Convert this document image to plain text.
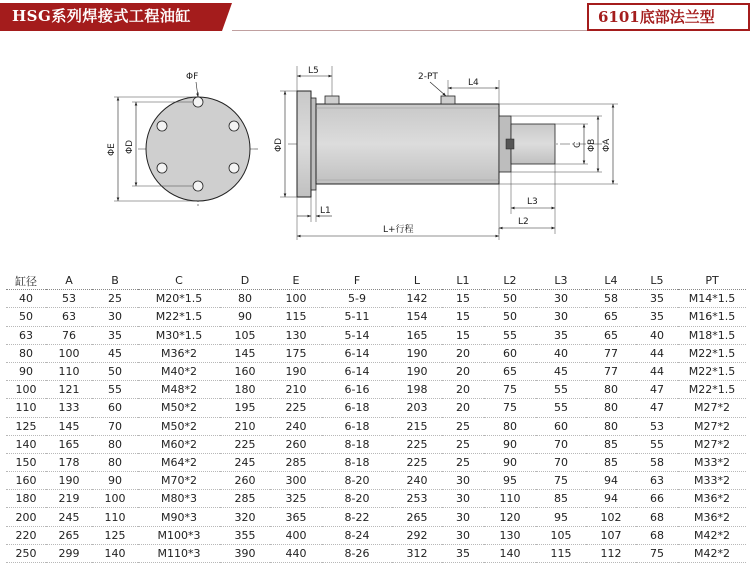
HSG系列焊接式工程油缸	6101底部法兰型
ΦF
ΦE ΦD	ΦD
L5
2-PT
L4
C ΦB ΦA
L3
L1
L2
L+行程
缸径	A	B	C	D	E	F	L	L1	L2	L3	L4	L5	PT
40	53	25	M20*1.5	80	100	5-9	142	15	50	30	58	35	M14*1.5
50	63	30	M22*1.5	90	115	5-11	154	15	50	30	65	35	M16*1.5
63	76	35	M30*1.5	105	130	5-14	165	15	55	35	65	40	M18*1.5
80	100	45	M36*2	145	175	6-14	190	20	60	40	77	44	M22*1.5
90	110	50	M40*2	160	190	6-14	190	20	65	45	77	44	M22*1.5
100	121	55	M48*2	180	210	6-16	198	20	75	55	80	47	M22*1.5
110	133	60	M50*2	195	225	6-18	203	20	75	55	80	47	M27*2
125	145	70	M50*2	210	240	6-18	215	25	80	60	80	53	M27*2
140	165	80	M60*2	225	260	8-18	225	25	90	70	85	55	M27*2
150	178	80	M64*2	245	285	8-18	225	25	90	70	85	58	M33*2
160	190	90	M70*2	260	300	8-20	240	30	95	75	94	63	M33*2
180	219	100	M80*3	285	325	8-20	253	30	110	85	94	66	M36*2
200	245	110	M90*3	320	365	8-22	265	30	120	95	102	68	M36*2
220	265	125	M100*3	355	400	8-24	292	30	130	105	107	68	M42*2
250	299	140	M110*3	390	440	8-26	312	35	140	115	112	75	M42*2
